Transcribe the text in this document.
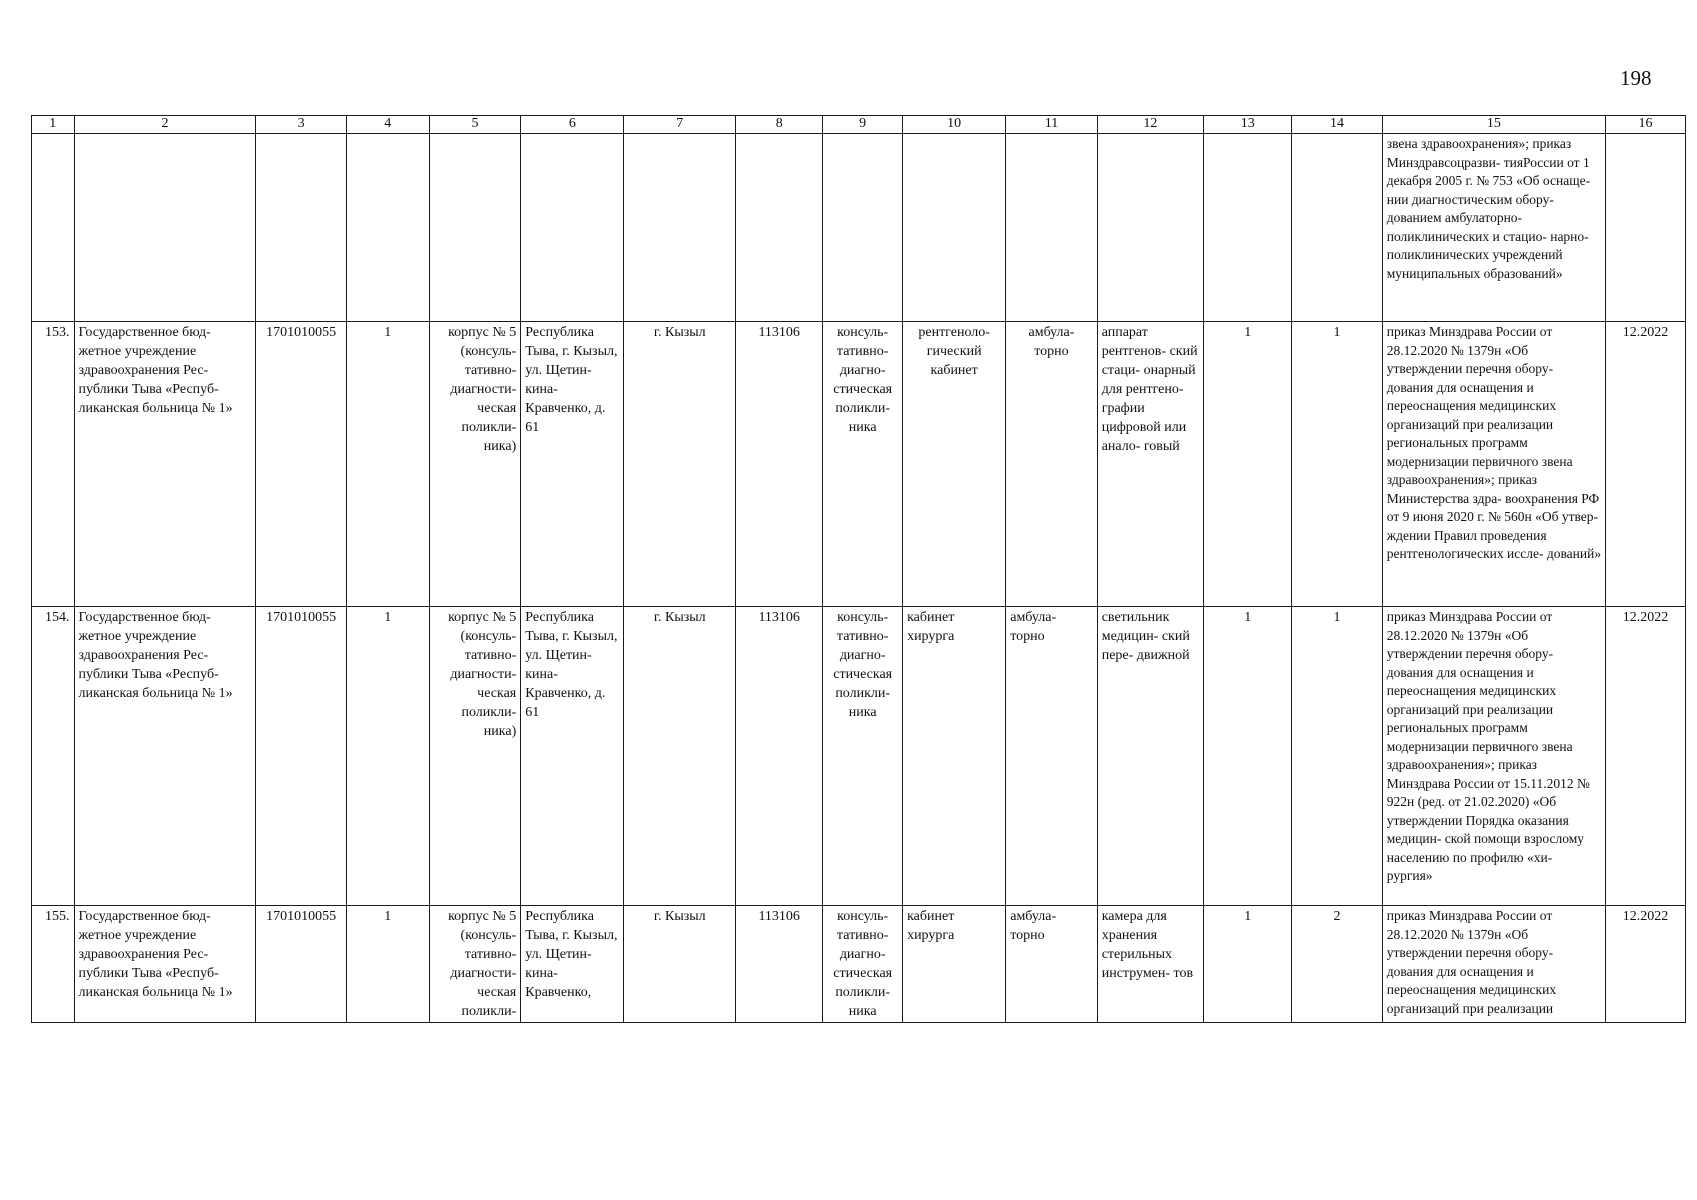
198
1	2	3	4	5	6	7	8	9	10	11	12	13	14	15	16
														звена здравоохранения»; приказ Минздравсоцразви- тияРоссии от 1 декабря 2005 г. № 753 «Об оснаще- нии диагностическим обору- дованием амбулаторно- поликлинических и стацио- нарно-поликлинических учреждений муниципальных образований»	
153.	Государственное бюд- жетное учреждение здравоохранения Рес- публики Тыва «Респуб- ликанская больница № 1»	1701010055	1	корпус № 5 (консуль- тативно- диагности- ческая поликли- ника)	Республика Тыва, г. Кызыл, ул. Щетин- кина- Кравченко, д. 61	г. Кызыл	113106	консуль- тативно- диагно- стическая поликли- ника	рентгеноло- гический кабинет	амбула- торно	аппарат рентгенов- ский стаци- онарный для рентгено- графии цифровой или анало- говый	1	1	приказ Минздрава России от 28.12.2020 № 1379н «Об утверждении перечня обору- дования для оснащения и переоснащения медицинских организаций при реализации региональных программ модернизации первичного звена здравоохранения»; приказ Министерства здра- воохранения РФ от 9 июня 2020 г. № 560н «Об утвер- ждении Правил проведения рентгенологических иссле- дований»	12.2022
154.	Государственное бюд- жетное учреждение здравоохранения Рес- публики Тыва «Респуб- ликанская больница № 1»	1701010055	1	корпус № 5 (консуль- тативно- диагности- ческая поликли- ника)	Республика Тыва, г. Кызыл, ул. Щетин- кина- Кравченко, д. 61	г. Кызыл	113106	консуль- тативно- диагно- стическая поликли- ника	кабинет хирурга	амбула- торно	светильник медицин- ский пере- движной	1	1	приказ Минздрава России от 28.12.2020 № 1379н «Об утверждении перечня обору- дования для оснащения и переоснащения медицинских организаций при реализации региональных программ модернизации первичного звена здравоохранения»; приказ Минздрава России от 15.11.2012 № 922н (ред. от 21.02.2020) «Об утверждении Порядка оказания медицин- ской помощи взрослому населению по профилю «хи- рургия»	12.2022
155.	Государственное бюд- жетное учреждение здравоохранения Рес- публики Тыва «Респуб- ликанская больница № 1»	1701010055	1	корпус № 5 (консуль- тативно- диагности- ческая поликли-	Республика Тыва, г. Кызыл, ул. Щетин- кина- Кравченко,	г. Кызыл	113106	консуль- тативно- диагно- стическая поликли- ника	кабинет хирурга	амбула- торно	камера для хранения стерильных инструмен- тов	1	2	приказ Минздрава России от 28.12.2020 № 1379н «Об утверждении перечня обору- дования для оснащения и переоснащения медицинских организаций при реализации	12.2022
